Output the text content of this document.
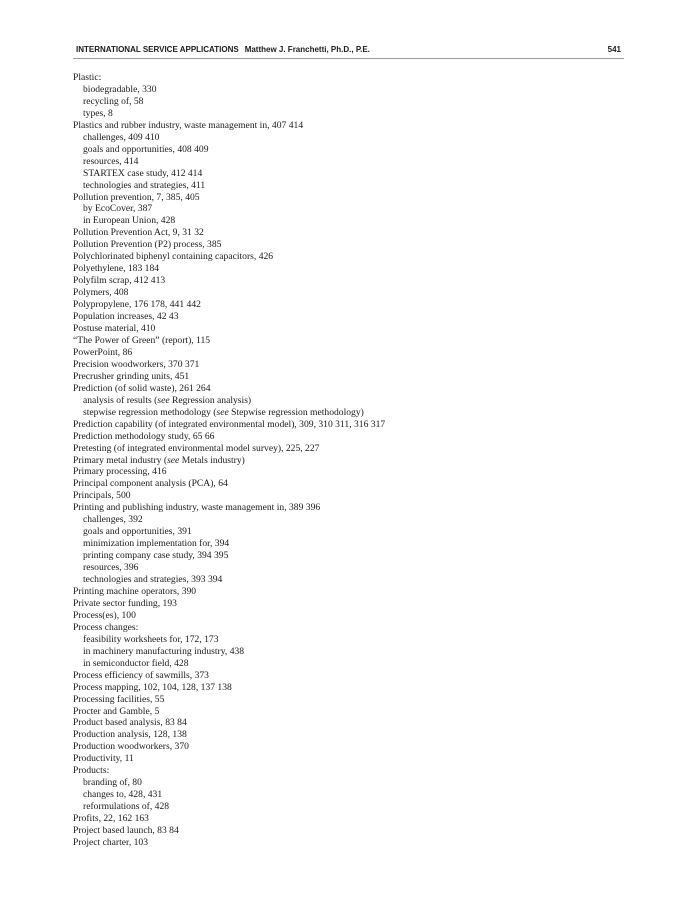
INTERNATIONAL SERVICE APPLICATIONS Matthew J. Franchetti, Ph.D., P.E.	541
Plastic:
biodegradable, 330
recycling of, 58
types, 8
Plastics and rubber industry, waste management in, 407 414
challenges, 409 410
goals and opportunities, 408 409
resources, 414
STARTEX case study, 412 414
technologies and strategies, 411
Pollution prevention, 7, 385, 405
by EcoCover, 387
in European Union, 428
Pollution Prevention Act, 9, 31 32
Pollution Prevention (P2) process, 385
Polychlorinated biphenyl containing capacitors, 426
Polyethylene, 183 184
Polyfilm scrap, 412 413
Polymers, 408
Polypropylene, 176 178, 441 442
Population increases, 42 43
Postuse material, 410
“The Power of Green” (report), 115
PowerPoint, 86
Precision woodworkers, 370 371
Precrusher grinding units, 451
Prediction (of solid waste), 261 264
analysis of results (see Regression analysis)
stepwise regression methodology (see Stepwise regression methodology)
Prediction capability (of integrated environmental model), 309, 310 311, 316 317
Prediction methodology study, 65 66
Pretesting (of integrated environmental model survey), 225, 227
Primary metal industry (see Metals industry)
Primary processing, 416
Principal component analysis (PCA), 64
Principals, 500
Printing and publishing industry, waste management in, 389 396
challenges, 392
goals and opportunities, 391
minimization implementation for, 394
printing company case study, 394 395
resources, 396
technologies and strategies, 393 394
Printing machine operators, 390
Private sector funding, 193
Process(es), 100
Process changes:
feasibility worksheets for, 172, 173
in machinery manufacturing industry, 438
in semiconductor field, 428
Process efficiency of sawmills, 373
Process mapping, 102, 104, 128, 137 138
Processing facilities, 55
Procter and Gamble, 5
Product based analysis, 83 84
Production analysis, 128, 138
Production woodworkers, 370
Productivity, 11
Products:
branding of, 80
changes to, 428, 431
reformulations of, 428
Profits, 22, 162 163
Project based launch, 83 84
Project charter, 103
